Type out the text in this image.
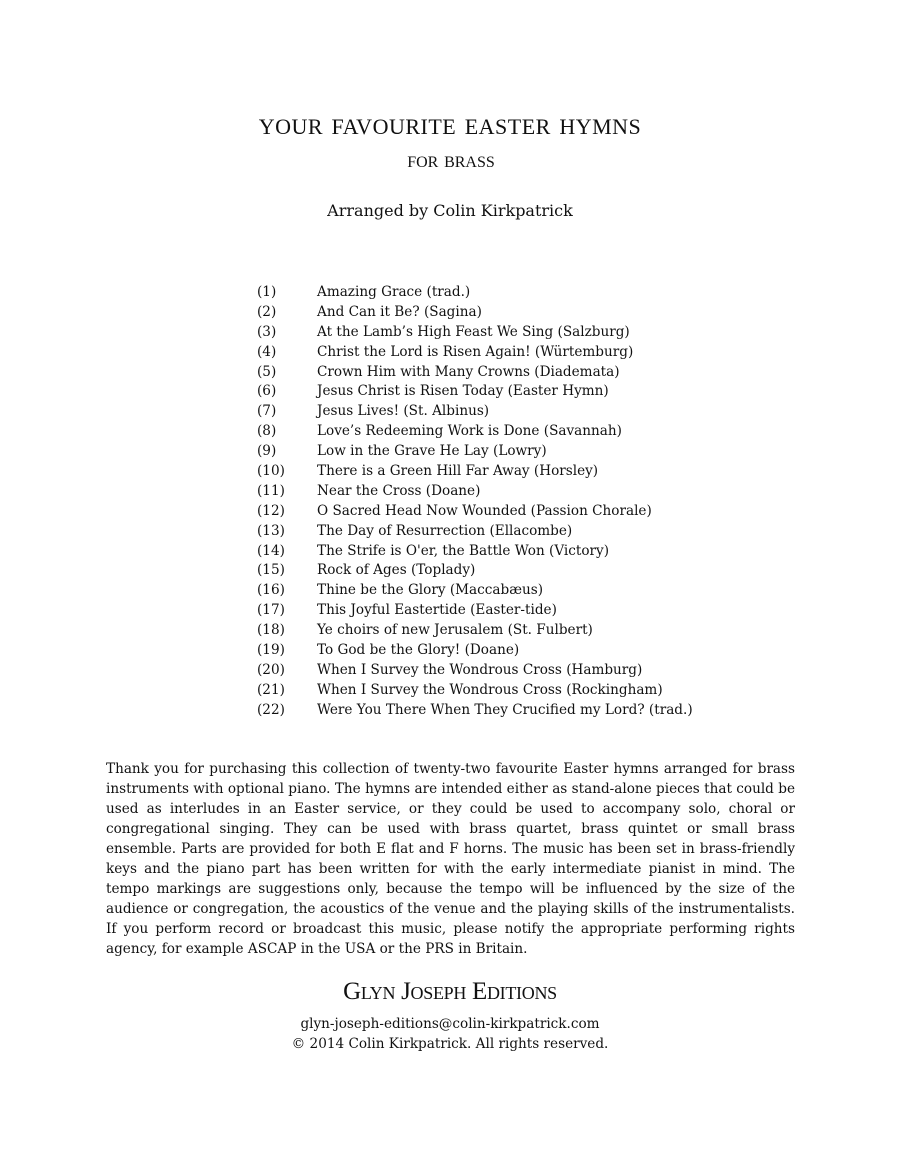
your favourite easter hymns
for brass
Arranged by Colin Kirkpatrick
(1)	Amazing Grace (trad.)
(2)	And Can it Be? (Sagina)
(3)	At the Lamb’s High Feast We Sing (Salzburg)
(4)	Christ the Lord is Risen Again! (Würtemburg)
(5)	Crown Him with Many Crowns (Diademata)
(6)	Jesus Christ is Risen Today (Easter Hymn)
(7)	Jesus Lives! (St. Albinus)
(8)	Love’s Redeeming Work is Done (Savannah)
(9)	Low in the Grave He Lay (Lowry)
(10)	There is a Green Hill Far Away (Horsley)
(11)	Near the Cross (Doane)
(12)	O Sacred Head Now Wounded (Passion Chorale)
(13)	The Day of Resurrection (Ellacombe)
(14)	The Strife is O'er, the Battle Won (Victory)
(15)	Rock of Ages (Toplady)
(16)	Thine be the Glory (Maccabæus)
(17)	This Joyful Eastertide (Easter-tide)
(18)	Ye choirs of new Jerusalem (St. Fulbert)
(19)	To God be the Glory! (Doane)
(20)	When I Survey the Wondrous Cross (Hamburg)
(21)	When I Survey the Wondrous Cross (Rockingham)
(22)	Were You There When They Crucified my Lord? (trad.)

Thank you for purchasing this collection of twenty-two favourite Easter hymns arranged for brass instruments with optional piano. The hymns are intended either as stand-alone pieces that could be used as interludes in an Easter service, or they could be used to accompany solo, choral or congregational singing. They can be used with brass quartet, brass quintet or small brass ensemble. Parts are provided for both E flat and F horns. The music has been set in brass-friendly keys and the piano part has been written for with the early intermediate pianist in mind. The tempo markings are suggestions only, because the tempo will be influenced by the size of the audience or congregation, the acoustics of the venue and the playing skills of the instrumentalists. If you perform record or broadcast this music, please notify the appropriate performing rights agency, for example ASCAP in the USA or the PRS in Britain.

Glyn Joseph Editions
glyn-joseph-editions@colin-kirkpatrick.com
© 2014 Colin Kirkpatrick. All rights reserved.
